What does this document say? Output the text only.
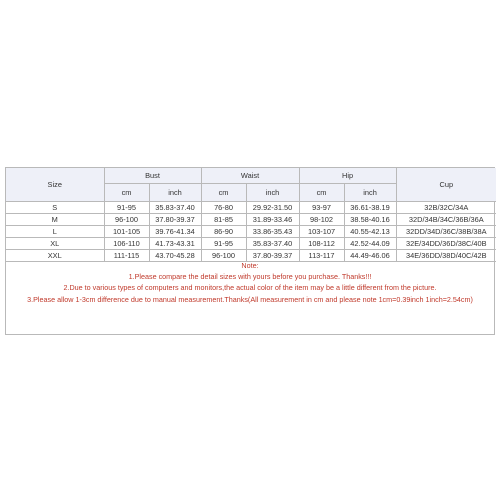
Size	Bust		Waist		Hip		Cup
	cm	inch	cm	inch	cm	inch	
S	91-95	35.83-37.40	76-80	29.92-31.50	93-97	36.61-38.19	32B/32C/34A
M	96-100	37.80-39.37	81-85	31.89-33.46	98-102	38.58-40.16	32D/34B/34C/36B/36A
L	101-105	39.76-41.34	86-90	33.86-35.43	103-107	40.55-42.13	32DD/34D/36C/38B/38A
XL	106-110	41.73-43.31	91-95	35.83-37.40	108-112	42.52-44.09	32E/34DD/36D/38C/40B
XXL	111-115	43.70-45.28	96-100	37.80-39.37	113-117	44.49-46.06	34E/36DD/38D/40C/42B
Note:
1.Please compare the detail sizes with yours before you purchase. Thanks!!!
2.Due to various types of computers and monitors,the actual color of the item may be a little different from the picture.
3.Please allow 1-3cm difference due to manual measurement.Thanks(All measurement in cm and please note 1cm=0.39inch 1inch=2.54cm)
